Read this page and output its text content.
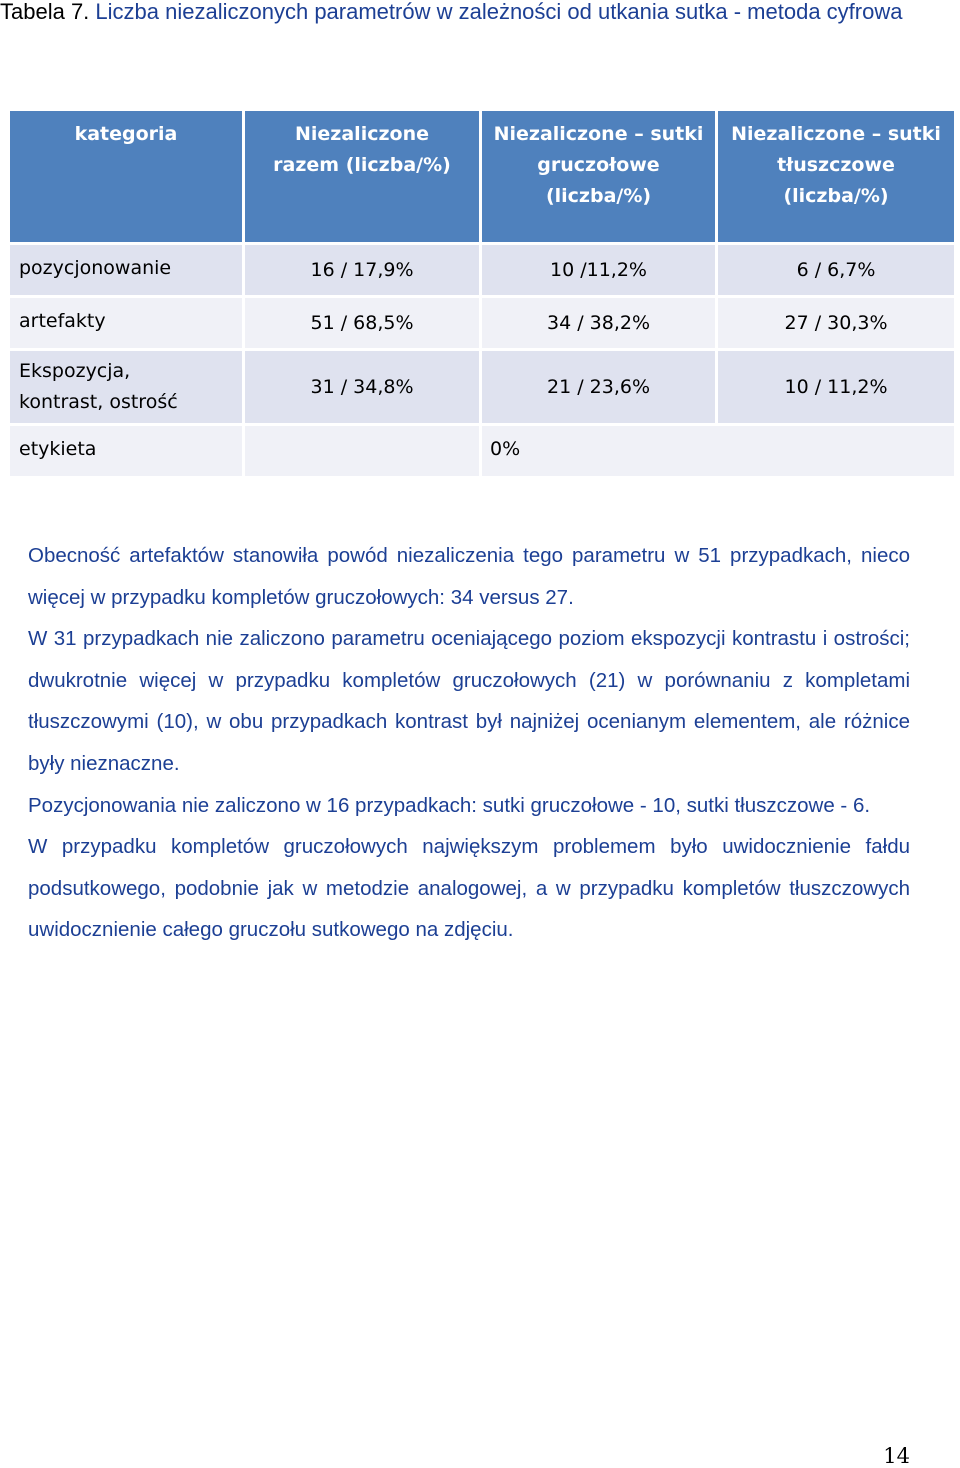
Tabela 7. Liczba niezaliczonych parametrów w zależności od utkania sutka - metoda cyfrowa
kategoria	Niezaliczone razem (liczba/%)	Niezaliczone – sutki gruczołowe (liczba/%)	Niezaliczone – sutki tłuszczowe (liczba/%)

pozycjonowanie	16 / 17,9%	10 /11,2%	6 / 6,7%
artefakty	51 / 68,5%	34 / 38,2%	27 / 30,3%

Ekspozycja,
kontrast, ostrość	31 / 34,8%	21 / 23,6%	10 / 11,2%
etykieta		0%	

Obecność artefaktów stanowiła powód niezaliczenia tego parametru w 51 przypadkach, nieco więcej w przypadku kompletów gruczołowych: 34 versus 27.

W 31 przypadkach nie zaliczono parametru oceniającego poziom ekspozycji kontrastu i ostrości; dwukrotnie więcej w przypadku kompletów gruczołowych (21) w porównaniu z kompletami tłuszczowymi (10), w obu przypadkach kontrast był najniżej ocenianym elementem, ale różnice były nieznaczne.

Pozycjonowania nie zaliczono w 16 przypadkach: sutki gruczołowe - 10, sutki tłuszczowe - 6.

W przypadku kompletów gruczołowych największym problemem było uwidocznienie fałdu podsutkowego, podobnie jak w metodzie analogowej, a w przypadku kompletów tłuszczowych uwidocznienie całego gruczołu sutkowego na zdjęciu.

14
